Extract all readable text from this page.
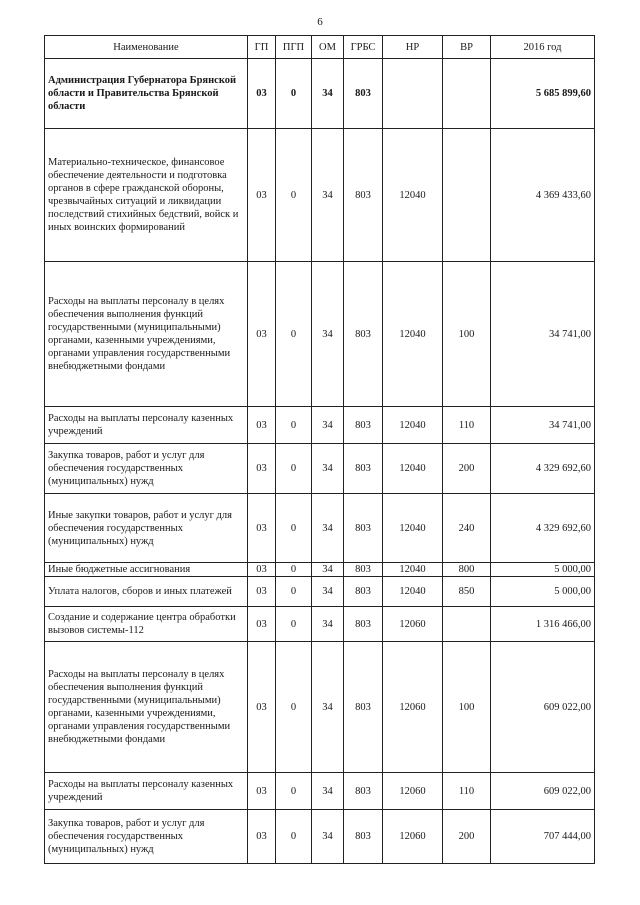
6
Наименование	ГП	ПГП	ОМ	ГРБС	НР	ВР	2016 год
Администрация Губернатора Брянской области и Правительства Брянской области	03	0	34	803			5 685 899,60
Материально-техническое, финансовое обеспечение деятельности и подготовка органов в сфере гражданской обороны, чрезвычайных ситуаций и ликвидации последствий стихийных бедствий, войск и иных воинских формирований	03	0	34	803	12040		4 369 433,60
Расходы на выплаты персоналу в целях обеспечения выполнения функций государственными (муниципальными) органами, казенными учреждениями, органами управления государственными внебюджетными фондами	03	0	34	803	12040	100	34 741,00
Расходы на выплаты персоналу казенных учреждений	03	0	34	803	12040	110	34 741,00
Закупка товаров, работ и услуг для обеспечения государственных (муниципальных) нужд	03	0	34	803	12040	200	4 329 692,60
Иные закупки товаров, работ и услуг для обеспечения государственных (муниципальных) нужд	03	0	34	803	12040	240	4 329 692,60
Иные бюджетные ассигнования	03	0	34	803	12040	800	5 000,00
Уплата налогов, сборов и иных платежей	03	0	34	803	12040	850	5 000,00
Создание и содержание центра обработки вызовов системы-112	03	0	34	803	12060		1 316 466,00
Расходы на выплаты персоналу в целях обеспечения выполнения функций государственными (муниципальными) органами, казенными учреждениями, органами управления государственными внебюджетными фондами	03	0	34	803	12060	100	609 022,00
Расходы на выплаты персоналу казенных учреждений	03	0	34	803	12060	110	609 022,00
Закупка товаров, работ и услуг для обеспечения государственных (муниципальных) нужд	03	0	34	803	12060	200	707 444,00
